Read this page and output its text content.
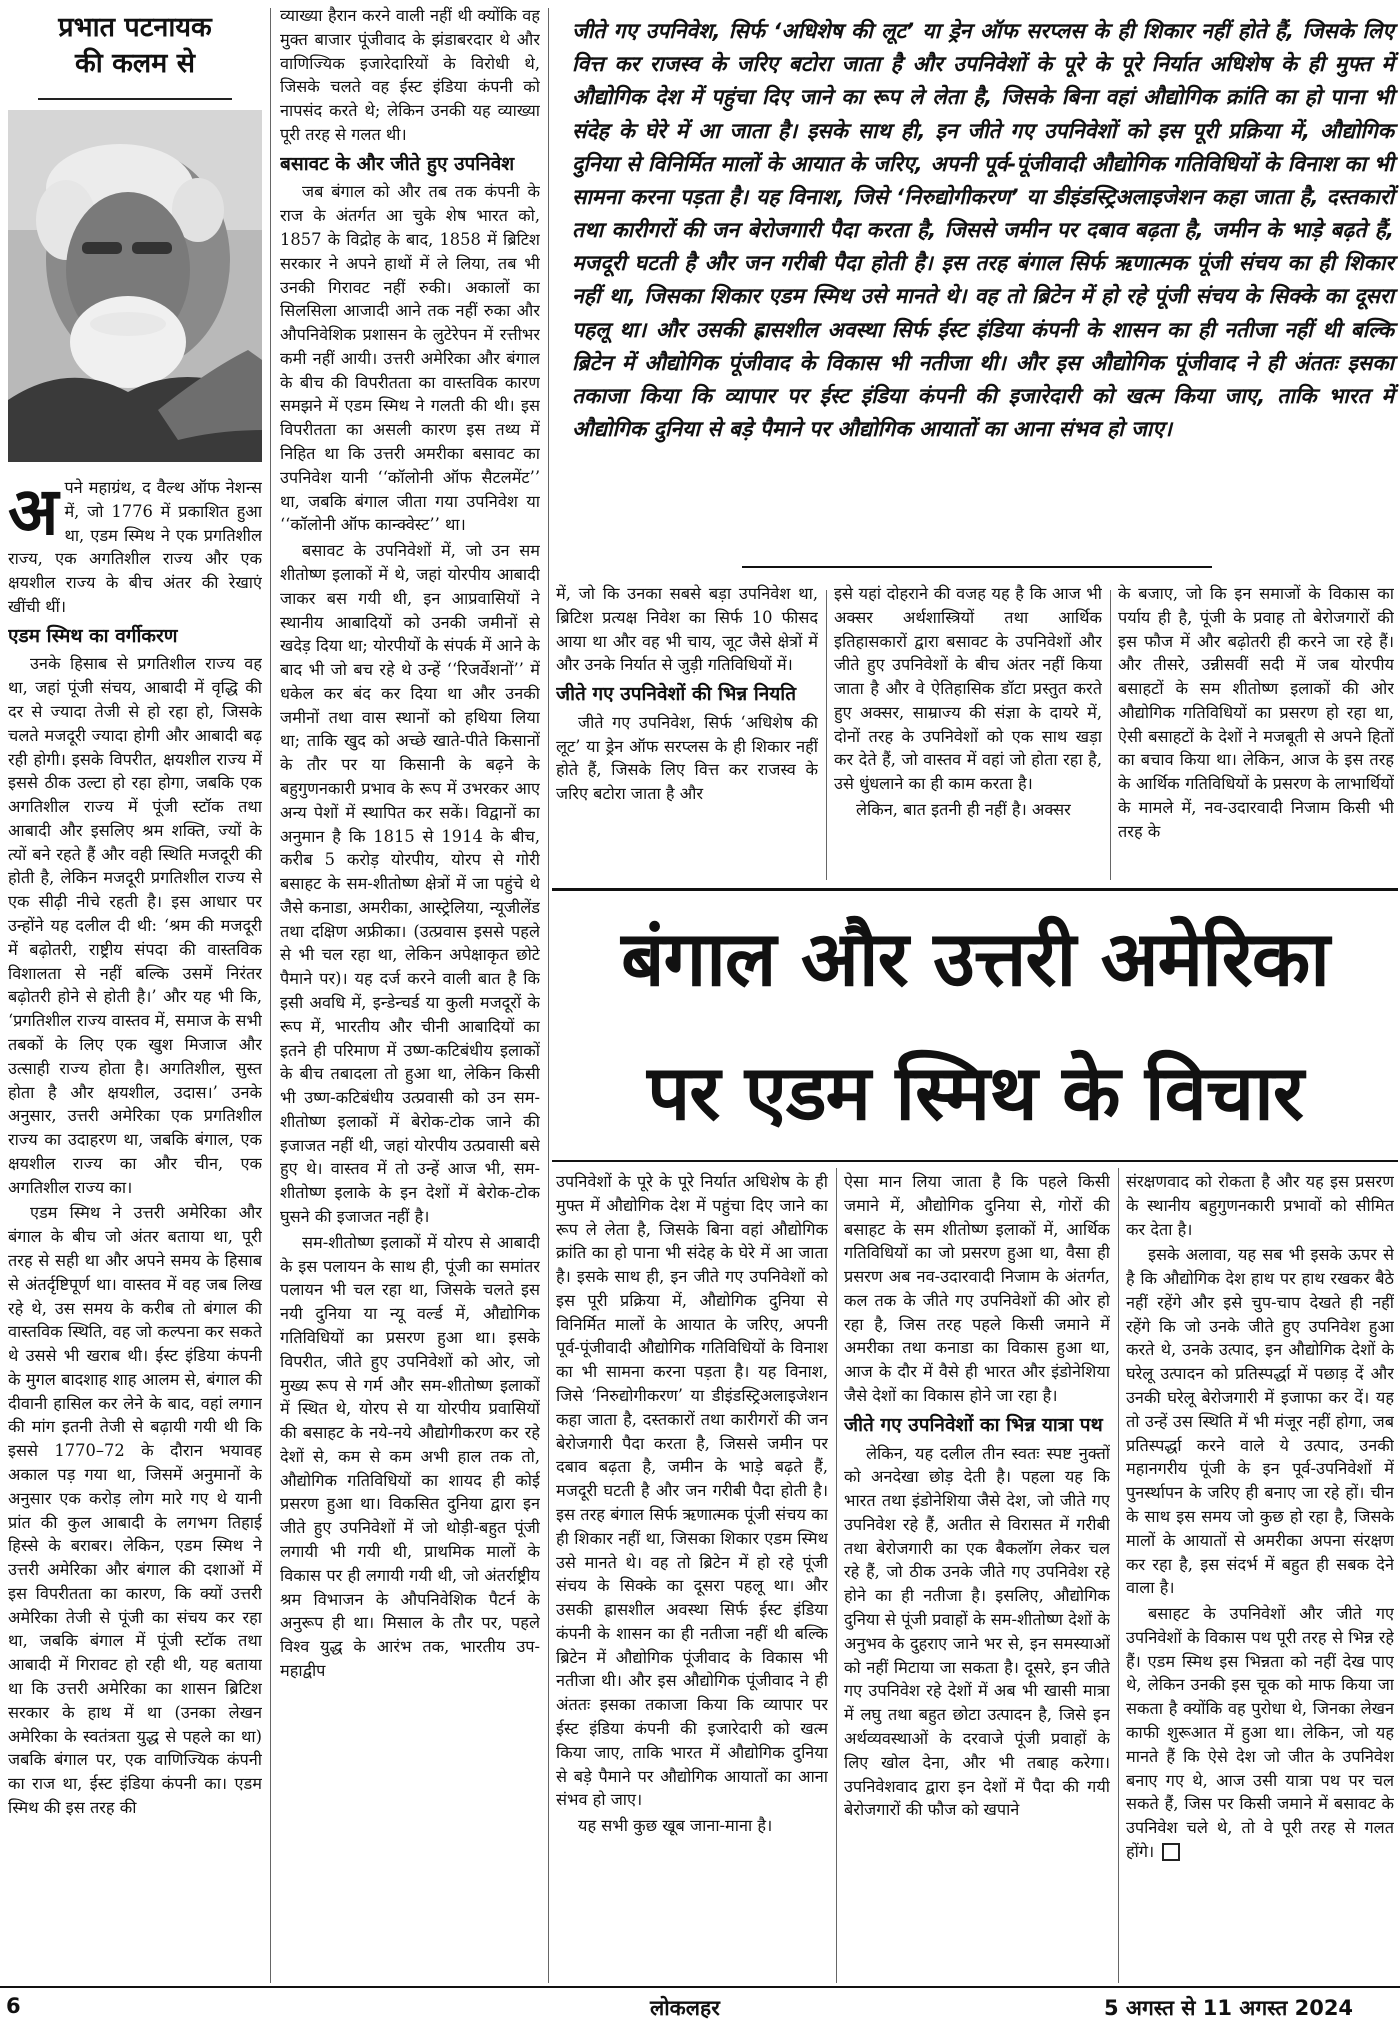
प्रभात पटनायक
की कलम से
जीते गए उपनिवेश, सिर्फ ‘अधिशेष की लूट’ या ड्रेन ऑफ सरप्लस के ही शिकार नहीं होते हैं, जिसके लिए वित्त कर राजस्व के जरिए बटोरा जाता है और उपनिवेशों के पूरे के पूरे निर्यात अधिशेष के ही मुफ्त में औद्योगिक देश में पहुंचा दिए जाने का रूप ले लेता है, जिसके बिना वहां औद्योगिक क्रांति का हो पाना भी संदेह के घेरे में आ जाता है। इसके साथ ही, इन जीते गए उपनिवेशों को इस पूरी प्रक्रिया में, औद्योगिक दुनिया से विनिर्मित मालों के आयात के जरिए, अपनी पूर्व-पूंजीवादी औद्योगिक गतिविधियों के विनाश का भी सामना करना पड़ता है। यह विनाश, जिसे ‘निरुद्योगीकरण’ या डीइंडस्ट्रिअलाइजेशन कहा जाता है, दस्तकारों तथा कारीगरों की जन बेरोजगारी पैदा करता है, जिससे जमीन पर दबाव बढ़ता है, जमीन के भाड़े बढ़ते हैं, मजदूरी घटती है और जन गरीबी पैदा होती है। इस तरह बंगाल सिर्फ ऋणात्मक पूंजी संचय का ही शिकार नहीं था, जिसका शिकार एडम स्मिथ उसे मानते थे। वह तो ब्रिटेन में हो रहे पूंजी संचय के सिक्के का दूसरा पहलू था। और उसकी ह्रासशील अवस्था सिर्फ ईस्ट इंडिया कंपनी के शासन का ही नतीजा नहीं थी बल्कि ब्रिटेन में औद्योगिक पूंजीवाद के विकास भी नतीजा थी। और इस औद्योगिक पूंजीवाद ने ही अंततः इसका तकाजा किया कि व्यापार पर ईस्ट इंडिया कंपनी की इजारेदारी को खत्म किया जाए, ताकि भारत में औद्योगिक दुनिया से बड़े पैमाने पर औद्योगिक आयातों का आना संभव हो जाए।
बंगाल और उत्तरी अमेरिका
पर एडम स्मिथ के विचार

अपने महाग्रंथ, द वैल्थ ऑफ नेशन्स में, जो 1776 में प्रकाशित हुआ था, एडम स्मिथ ने एक प्रगतिशील राज्य, एक अगतिशील राज्य और एक क्षयशील राज्य के बीच अंतर की रेखाएं खींची थीं।

एडम स्मिथ का वर्गीकरण

उनके हिसाब से प्रगतिशील राज्य वह था, जहां पूंजी संचय, आबादी में वृद्धि की दर से ज्यादा तेजी से हो रहा हो, जिसके चलते मजदूरी ज्यादा होगी और आबादी बढ़ रही होगी। इसके विपरीत, क्षयशील राज्य में इससे ठीक उल्टा हो रहा होगा, जबकि एक अगतिशील राज्य में पूंजी स्टॉक तथा आबादी और इसलिए श्रम शक्ति, ज्यों के त्यों बने रहते हैं और वही स्थिति मजदूरी की होती है, लेकिन मजदूरी प्रगतिशील राज्य से एक सीढ़ी नीचे रहती है। इस आधार पर उन्होंने यह दलील दी थी: ‘श्रम की मजदूरी में बढ़ोतरी, राष्ट्रीय संपदा की वास्तविक विशालता से नहीं बल्कि उसमें निरंतर बढ़ोतरी होने से होती है।’ और यह भी कि, ‘प्रगतिशील राज्य वास्तव में, समाज के सभी तबकों के लिए एक खुश मिजाज और उत्साही राज्य होता है। अगतिशील, सुस्त होता है और क्षयशील, उदास।’ उनके अनुसार, उत्तरी अमेरिका एक प्रगतिशील राज्य का उदाहरण था, जबकि बंगाल, एक क्षयशील राज्य का और चीन, एक अगतिशील राज्य का।

एडम स्मिथ ने उत्तरी अमेरिका और बंगाल के बीच जो अंतर बताया था, पूरी तरह से सही था और अपने समय के हिसाब से अंतर्दृष्टिपूर्ण था। वास्तव में वह जब लिख रहे थे, उस समय के करीब तो बंगाल की वास्तविक स्थिति, वह जो कल्पना कर सकते थे उससे भी खराब थी। ईस्ट इंडिया कंपनी के मुगल बादशाह शाह आलम से, बंगाल की दीवानी हासिल कर लेने के बाद, वहां लगान की मांग इतनी तेजी से बढ़ायी गयी थी कि इससे 1770–72 के दौरान भयावह अकाल पड़ गया था, जिसमें अनुमानों के अनुसार एक करोड़ लोग मारे गए थे यानी प्रांत की कुल आबादी के लगभग तिहाई हिस्से के बराबर। लेकिन, एडम स्मिथ ने उत्तरी अमेरिका और बंगाल की दशाओं में इस विपरीतता का कारण, कि क्यों उत्तरी अमेरिका तेजी से पूंजी का संचय कर रहा था, जबकि बंगाल में पूंजी स्टॉक तथा आबादी में गिरावट हो रही थी, यह बताया था कि उत्तरी अमेरिका का शासन ब्रिटिश सरकार के हाथ में था (उनका लेखन अमेरिका के स्वतंत्रता युद्ध से पहले का था) जबकि बंगाल पर, एक वाणिज्यिक कंपनी का राज था, ईस्ट इंडिया कंपनी का। एडम स्मिथ की इस तरह की

व्याख्या हैरान करने वाली नहीं थी क्योंकि वह मुक्त बाजार पूंजीवाद के झंडाबरदार थे और वाणिज्यिक इजारेदारियों के विरोधी थे, जिसके चलते वह ईस्ट इंडिया कंपनी को नापसंद करते थे; लेकिन उनकी यह व्याख्या पूरी तरह से गलत थी।

बसावट के और जीते हुए उपनिवेश

जब बंगाल को और तब तक कंपनी के राज के अंतर्गत आ चुके शेष भारत को, 1857 के विद्रोह के बाद, 1858 में ब्रिटिश सरकार ने अपने हाथों में ले लिया, तब भी उनकी गिरावट नहीं रुकी। अकालों का सिलसिला आजादी आने तक नहीं रुका और औपनिवेशिक प्रशासन के लुटेरेपन में रत्तीभर कमी नहीं आयी। उत्तरी अमेरिका और बंगाल के बीच की विपरीतता का वास्तविक कारण समझने में एडम स्मिथ ने गलती की थी। इस विपरीतता का असली कारण इस तथ्य में निहित था कि उत्तरी अमरीका बसावट का उपनिवेश यानी ‘‘कॉलोनी ऑफ सैटलमेंट’’ था, जबकि बंगाल जीता गया उपनिवेश या ‘‘कॉलोनी ऑफ कान्क्वेस्ट’’ था।

बसावट के उपनिवेशों में, जो उन सम शीतोष्ण इलाकों में थे, जहां योरपीय आबादी जाकर बस गयी थी, इन आप्रवासियों ने स्थानीय आबादियों को उनकी जमीनों से खदेड़ दिया था; योरपीयों के संपर्क में आने के बाद भी जो बच रहे थे उन्हें ‘‘रिजर्वेशनों’’ में धकेल कर बंद कर दिया था और उनकी जमीनों तथा वास स्थानों को हथिया लिया था; ताकि खुद को अच्छे खाते-पीते किसानों के तौर पर या किसानी के बढ़ने के बहुगुणनकारी प्रभाव के रूप में उभरकर आए अन्य पेशों में स्थापित कर सकें। विद्वानों का अनुमान है कि 1815 से 1914 के बीच, करीब 5 करोड़ योरपीय, योरप से गोरी बसाहट के सम-शीतोष्ण क्षेत्रों में जा पहुंचे थे जैसे कनाडा, अमरीका, आस्ट्रेलिया, न्यूजीलेंड तथा दक्षिण अफ्रीका। (उत्प्रवास इससे पहले से भी चल रहा था, लेकिन अपेक्षाकृत छोटे पैमाने पर)। यह दर्ज करने वाली बात है कि इसी अवधि में, इन्डेन्चर्ड या कुली मजदूरों के रूप में, भारतीय और चीनी आबादियों का इतने ही परिमाण में उष्ण-कटिबंधीय इलाकों के बीच तबादला तो हुआ था, लेकिन किसी भी उष्ण-कटिबंधीय उत्प्रवासी को उन सम-शीतोष्ण इलाकों में बेरोक-टोक जाने की इजाजत नहीं थी, जहां योरपीय उत्प्रवासी बसे हुए थे। वास्तव में तो उन्हें आज भी, सम-शीतोष्ण इलाके के इन देशों में बेरोक-टोक घुसने की इजाजत नहीं है।

सम-शीतोष्ण इलाकों में योरप से आबादी के इस पलायन के साथ ही, पूंजी का समांतर पलायन भी चल रहा था, जिसके चलते इस नयी दुनिया या न्यू वर्ल्ड में, औद्योगिक गतिविधियों का प्रसरण हुआ था। इसके विपरीत, जीते हुए उपनिवेशों को ओर, जो मुख्य रूप से गर्म और सम-शीतोष्ण इलाकों में स्थित थे, योरप से या योरपीय प्रवासियों की बसाहट के नये-नये औद्योगीकरण कर रहे देशों से, कम से कम अभी हाल तक तो, औद्योगिक गतिविधियों का शायद ही कोई प्रसरण हुआ था। विकसित दुनिया द्वारा इन जीते हुए उपनिवेशों में जो थोड़ी-बहुत पूंजी लगायी भी गयी थी, प्राथमिक मालों के विकास पर ही लगायी गयी थी, जो अंतर्राष्ट्रीय श्रम विभाजन के औपनिवेशिक पैटर्न के अनुरूप ही था। मिसाल के तौर पर, पहले विश्व युद्ध के आरंभ तक, भारतीय उप-महाद्वीप

में, जो कि उनका सबसे बड़ा उपनिवेश था, ब्रिटिश प्रत्यक्ष निवेश का सिर्फ 10 फीसद आया था और वह भी चाय, जूट जैसे क्षेत्रों में और उनके निर्यात से जुड़ी गतिविधियों में।

जीते गए उपनिवेशों की भिन्न नियति

जीते गए उपनिवेश, सिर्फ ‘अधिशेष की लूट’ या ड्रेन ऑफ सरप्लस के ही शिकार नहीं होते हैं, जिसके लिए वित्त कर राजस्व के जरिए बटोरा जाता है और

इसे यहां दोहराने की वजह यह है कि आज भी अक्सर अर्थशास्त्रियों तथा आर्थिक इतिहासकारों द्वारा बसावट के उपनिवेशों और जीते हुए उपनिवेशों के बीच अंतर नहीं किया जाता है और वे ऐतिहासिक डॉटा प्रस्तुत करते हुए अक्सर, साम्राज्य की संज्ञा के दायरे में, दोनों तरह के उपनिवेशों को एक साथ खड़ा कर देते हैं, जो वास्तव में वहां जो होता रहा है, उसे धुंधलाने का ही काम करता है।

लेकिन, बात इतनी ही नहीं है। अक्सर

के बजाए, जो कि इन समाजों के विकास का पर्याय ही है, पूंजी के प्रवाह तो बेरोजगारों की इस फौज में और बढ़ोतरी ही करने जा रहे हैं। और तीसरे, उन्नीसवीं सदी में जब योरपीय बसाहटों के सम शीतोष्ण इलाकों की ओर औद्योगिक गतिविधियों का प्रसरण हो रहा था, ऐसी बसाहटों के देशों ने मजबूती से अपने हितों का बचाव किया था। लेकिन, आज के इस तरह के आर्थिक गतिविधियों के प्रसरण के लाभार्थियों के मामले में, नव-उदारवादी निजाम किसी भी तरह के

उपनिवेशों के पूरे के पूरे निर्यात अधिशेष के ही मुफ्त में औद्योगिक देश में पहुंचा दिए जाने का रूप ले लेता है, जिसके बिना वहां औद्योगिक क्रांति का हो पाना भी संदेह के घेरे में आ जाता है। इसके साथ ही, इन जीते गए उपनिवेशों को इस पूरी प्रक्रिया में, औद्योगिक दुनिया से विनिर्मित मालों के आयात के जरिए, अपनी पूर्व-पूंजीवादी औद्योगिक गतिविधियों के विनाश का भी सामना करना पड़ता है। यह विनाश, जिसे ‘निरुद्योगीकरण’ या डीइंडस्ट्रिअलाइजेशन कहा जाता है, दस्तकारों तथा कारीगरों की जन बेरोजगारी पैदा करता है, जिससे जमीन पर दबाव बढ़ता है, जमीन के भाड़े बढ़ते हैं, मजदूरी घटती है और जन गरीबी पैदा होती है। इस तरह बंगाल सिर्फ ऋणात्मक पूंजी संचय का ही शिकार नहीं था, जिसका शिकार एडम स्मिथ उसे मानते थे। वह तो ब्रिटेन में हो रहे पूंजी संचय के सिक्के का दूसरा पहलू था। और उसकी ह्रासशील अवस्था सिर्फ ईस्ट इंडिया कंपनी के शासन का ही नतीजा नहीं थी बल्कि ब्रिटेन में औद्योगिक पूंजीवाद के विकास भी नतीजा थी। और इस औद्योगिक पूंजीवाद ने ही अंततः इसका तकाजा किया कि व्यापार पर ईस्ट इंडिया कंपनी की इजारेदारी को खत्म किया जाए, ताकि भारत में औद्योगिक दुनिया से बड़े पैमाने पर औद्योगिक आयातों का आना संभव हो जाए।

यह सभी कुछ खूब जाना-माना है।

ऐसा मान लिया जाता है कि पहले किसी जमाने में, औद्योगिक दुनिया से, गोरों की बसाहट के सम शीतोष्ण इलाकों में, आर्थिक गतिविधियों का जो प्रसरण हुआ था, वैसा ही प्रसरण अब नव-उदारवादी निजाम के अंतर्गत, कल तक के जीते गए उपनिवेशों की ओर हो रहा है, जिस तरह पहले किसी जमाने में अमरीका तथा कनाडा का विकास हुआ था, आज के दौर में वैसे ही भारत और इंडोनेशिया जैसे देशों का विकास होने जा रहा है।

जीते गए उपनिवेशों का भिन्न यात्रा पथ

लेकिन, यह दलील तीन स्वतः स्पष्ट नुक्तों को अनदेखा छोड़ देती है। पहला यह कि भारत तथा इंडोनेशिया जैसे देश, जो जीते गए उपनिवेश रहे हैं, अतीत से विरासत में गरीबी तथा बेरोजगारी का एक बैकलॉग लेकर चल रहे हैं, जो ठीक उनके जीते गए उपनिवेश रहे होने का ही नतीजा है। इसलिए, औद्योगिक दुनिया से पूंजी प्रवाहों के सम-शीतोष्ण देशों के अनुभव के दुहराए जाने भर से, इन समस्याओं को नहीं मिटाया जा सकता है। दूसरे, इन जीते गए उपनिवेश रहे देशों में अब भी खासी मात्रा में लघु तथा बहुत छोटा उत्पादन है, जिसे इन अर्थव्यवस्थाओं के दरवाजे पूंजी प्रवाहों के लिए खोल देना, और भी तबाह करेगा। उपनिवेशवाद द्वारा इन देशों में पैदा की गयी बेरोजगारों की फौज को खपाने

संरक्षणवाद को रोकता है और यह इस प्रसरण के स्थानीय बहुगुणनकारी प्रभावों को सीमित कर देता है।

इसके अलावा, यह सब भी इसके ऊपर से है कि औद्योगिक देश हाथ पर हाथ रखकर बैठे नहीं रहेंगे और इसे चुप-चाप देखते ही नहीं रहेंगे कि जो उनके जीते हुए उपनिवेश हुआ करते थे, उनके उत्पाद, इन औद्योगिक देशों के घरेलू उत्पादन को प्रतिस्पर्द्धा में पछाड़ दें और उनकी घरेलू बेरोजगारी में इजाफा कर दें। यह तो उन्हें उस स्थिति में भी मंजूर नहीं होगा, जब प्रतिस्पर्द्धा करने वाले ये उत्पाद, उनकी महानगरीय पूंजी के इन पूर्व-उपनिवेशों में पुनर्स्थापन के जरिए ही बनाए जा रहे हों। चीन के साथ इस समय जो कुछ हो रहा है, जिसके मालों के आयातों से अमरीका अपना संरक्षण कर रहा है, इस संदर्भ में बहुत ही सबक देने वाला है।

बसाहट के उपनिवेशों और जीते गए उपनिवेशों के विकास पथ पूरी तरह से भिन्न रहे हैं। एडम स्मिथ इस भिन्नता को नहीं देख पाए थे, लेकिन उनकी इस चूक को माफ किया जा सकता है क्योंकि वह पुरोधा थे, जिनका लेखन काफी शुरूआत में हुआ था। लेकिन, जो यह मानते हैं कि ऐसे देश जो जीत के उपनिवेश बनाए गए थे, आज उसी यात्रा पथ पर चल सकते हैं, जिस पर किसी जमाने में बसावट के उपनिवेश चले थे, तो वे पूरी तरह से गलत होंगे।

6	लोकलहर	5 अगस्त से 11 अगस्त 2024
